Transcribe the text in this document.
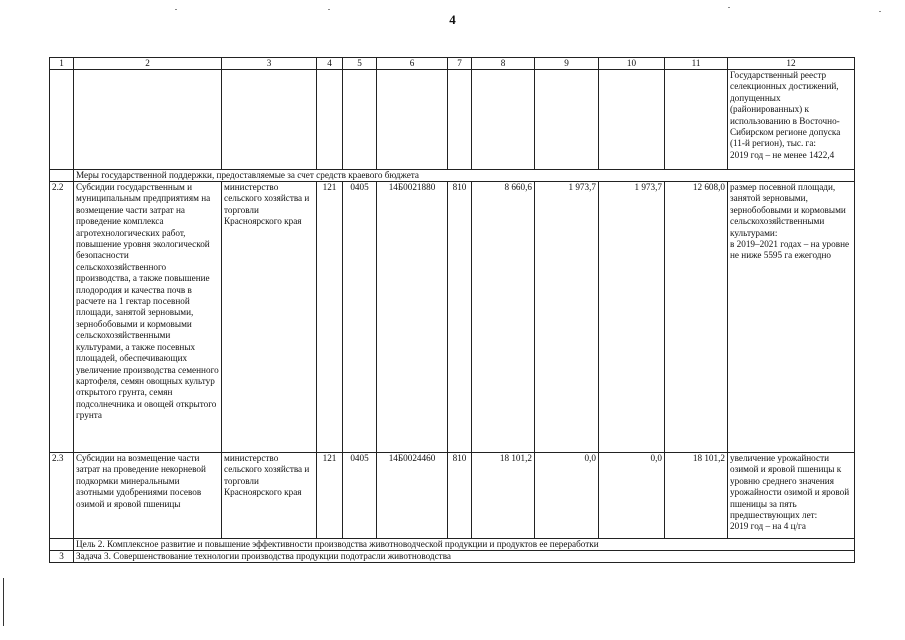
4
1	2	3	4	5	6	7	8	9	10	11	12
											Государственный реестр селекционных достижений, допущенных (районированных) к использованию в Восточно-Сибирском регионе допуска (11-й регион), тыс. га:
2019 год – не менее 1422,4
	Меры государственной поддержки, предоставляемые за счет средств краевого бюджета										
2.2	Субсидии государственным и муниципальным предприятиям на возмещение части затрат на проведение комплекса агротехнологических работ, повышение уровня экологической безопасности сельскохозяйственного производства, а также повышение плодородия и качества почв в расчете на 1 гектар посевной площади, занятой зерновыми, зернобобовыми и кормовыми сельскохозяйственными культурами, а также посевных площадей, обеспечивающих увеличение производства семенного картофеля, семян овощных культур открытого грунта, семян подсолнечника и овощей открытого грунта	министерство сельского хозяйства и торговли Красноярского края	121	0405	14Б0021880	810	8 660,6	1 973,7	1 973,7	12 608,0	размер посевной площади, занятой зерновыми, зернобобовыми и кормовыми сельскохозяйственными культурами:
в 2019–2021 годах – на уровне не ниже 5595 га ежегодно
2.3	Субсидии на возмещение части затрат на проведение некорневой подкормки минеральными азотными удобрениями посевов озимой и яровой пшеницы	министерство сельского хозяйства и торговли Красноярского края	121	0405	14Б0024460	810	18 101,2	0,0	0,0	18 101,2	увеличение урожайности озимой и яровой пшеницы к уровню среднего значения урожайности озимой и яровой пшеницы за пять предшествующих лет:
2019 год – на 4 ц/га
	Цель 2. Комплексное развитие и повышение эффективности производства животноводческой продукции и продуктов ее переработки										
3	Задача 3. Совершенствование технологии производства продукции подотрасли животноводства										
